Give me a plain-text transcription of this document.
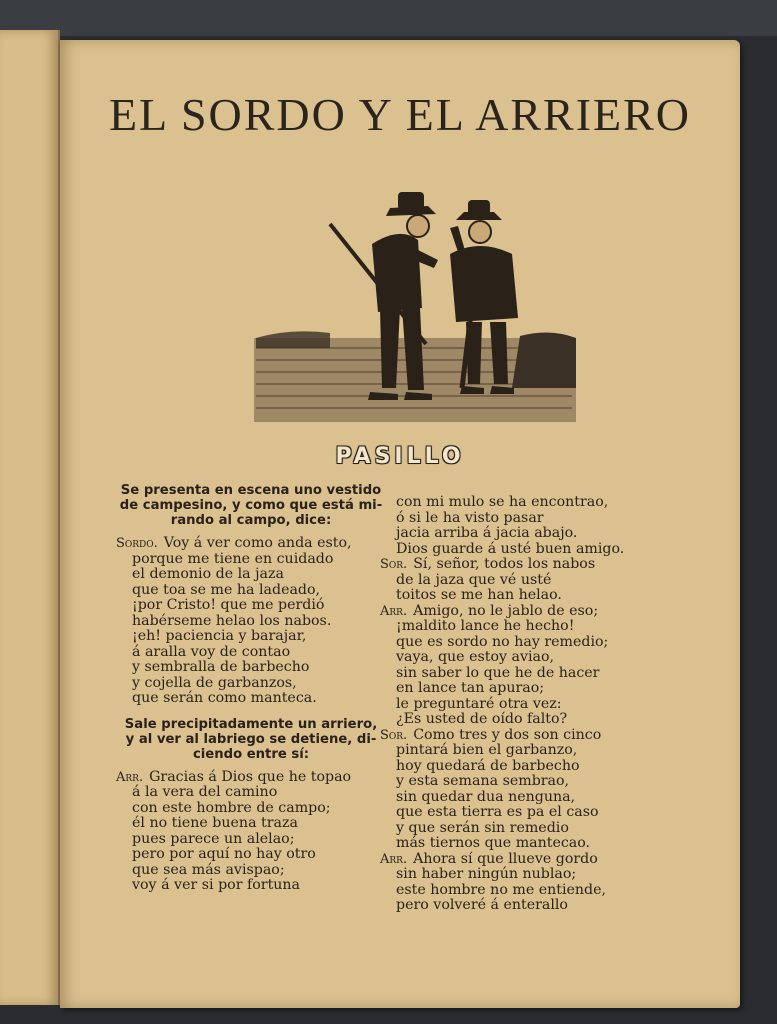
EL SORDO Y EL ARRIERO
PASILLO
Se presenta en escena uno vestido
de campesino, y como que está mi-
rando al campo, dice:
Sordo. Voy á ver como anda esto,
porque me tiene en cuidado
el demonio de la jaza
que toa se me ha ladeado,
¡por Cristo! que me perdió
habérseme helao los nabos.
¡eh! paciencia y barajar,
á aralla voy de contao
y sembralla de barbecho
y cojella de garbanzos,
que serán como manteca.
Sale precipitadamente un arriero,
y al ver al labriego se detiene, di-
ciendo entre sí:
Arr. Gracias á Dios que he topao
á la vera del camino
con este hombre de campo;
él no tiene buena traza
pues parece un alelao;
pero por aquí no hay otro
que sea más avispao;
voy á ver si por fortuna
con mi mulo se ha encontrao,
ó si le ha visto pasar
jacia arriba á jacia abajo.
Dios guarde á usté buen amigo.
Sor. Sí, señor, todos los nabos
de la jaza que vé usté
toitos se me han helao.
Arr. Amigo, no le jablo de eso;
¡maldito lance he hecho!
que es sordo no hay remedio;
vaya, que estoy aviao,
sin saber lo que he de hacer
en lance tan apurao;
le preguntaré otra vez:
¿Es usted de oído falto?
Sor. Como tres y dos son cinco
pintará bien el garbanzo,
hoy quedará de barbecho
y esta semana sembrao,
sin quedar dua nenguna,
que esta tierra es pa el caso
y que serán sin remedio
más tiernos que mantecao.
Arr. Ahora sí que llueve gordo
sin haber ningún nublao;
este hombre no me entiende,
pero volveré á enterallo
